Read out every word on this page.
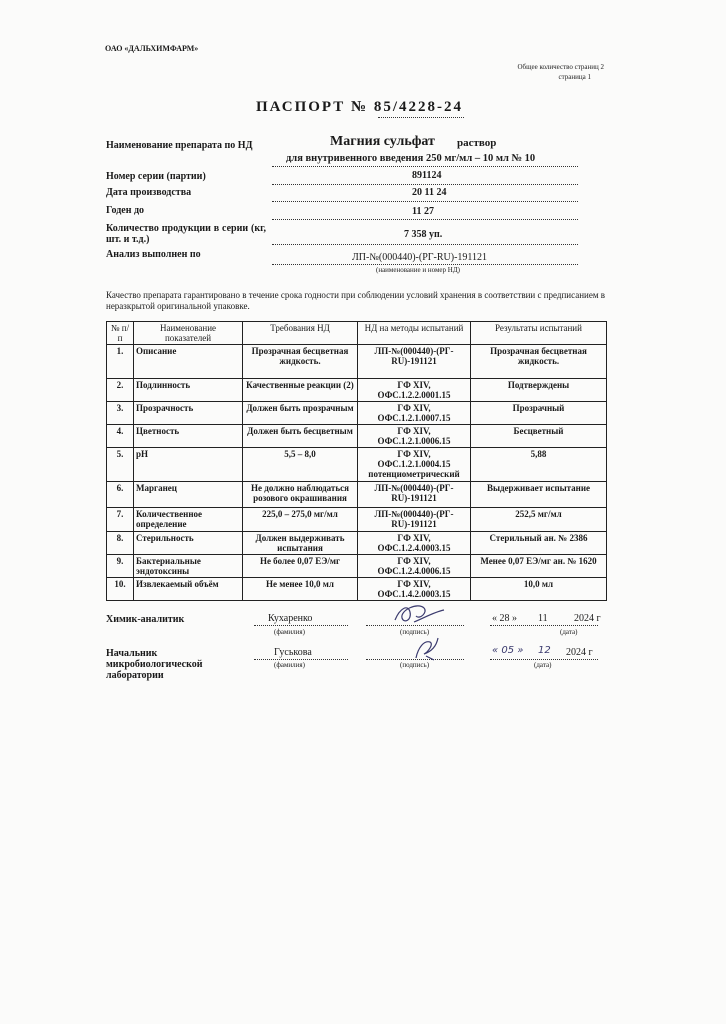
ОАО «ДАЛЬХИМФАРМ»
Общее количество страниц 2
страница 1
ПАСПОРТ № 85/4228-24
Наименование препарата по НД	Магния сульфат раствор
для внутривенного введения 250 мг/мл – 10 мл № 10
Номер серии (партии)	891124
Дата производства	20 11 24
Годен до	11 27
Количество продукции в серии (кг, шт. и т.д.)	7 358 уп.
Анализ выполнен по	ЛП-№(000440)-(РГ-RU)-191121
(наименование и номер НД)
Качество препарата гарантировано в течение срока годности при соблюдении условий хранения в соответствии с предписанием в неразкрытой оригинальной упаковке.
№ п/п	Наименование показателей	Требования НД	НД на методы испытаний	Результаты испытаний
1.	Описание	Прозрачная бесцветная жидкость.	ЛП-№(000440)-(РГ-RU)-191121	Прозрачная бесцветная жидкость.
2.	Подлинность	Качественные реакции (2)	ГФ XIV, ОФС.1.2.2.0001.15	Подтверждены
3.	Прозрачность	Должен быть прозрачным	ГФ XIV, ОФС.1.2.1.0007.15	Прозрачный
4.	Цветность	Должен быть бесцветным	ГФ XIV, ОФС.1.2.1.0006.15	Бесцветный
5.	pH	5,5 – 8,0	ГФ XIV, ОФС.1.2.1.0004.15 потенциометрический	5,88
6.	Марганец	Не должно наблюдаться розового окрашивания	ЛП-№(000440)-(РГ-RU)-191121	Выдерживает испытание
7.	Количественное определение	225,0 – 275,0 мг/мл	ЛП-№(000440)-(РГ-RU)-191121	252,5 мг/мл
8.	Стерильность	Должен выдерживать испытания	ГФ XIV, ОФС.1.2.4.0003.15	Стерильный ан. № 2386
9.	Бактериальные эндотоксины	Не более 0,07 ЕЭ/мг	ГФ XIV, ОФС.1.2.4.0006.15	Менее 0,07 ЕЭ/мг ан. № 1620
10.	Извлекаемый объём	Не менее 10,0 мл	ГФ XIV, ОФС.1.4.2.0003.15	10,0 мл
Химик-аналитик	Кухаренко
(фамилия)	(подпись)
« 28 » 11	2024 г
(дата)
Начальник микробиологической лаборатории
Гуськова
(фамилия)	(подпись)
« 05 » 12 2024 г
(дата)
